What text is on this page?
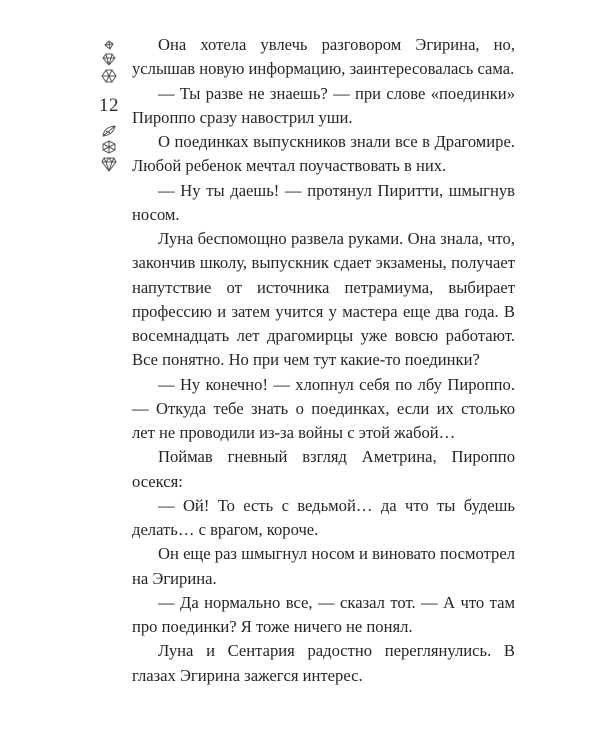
12

Она хотела увлечь разговором Эгирина, но, услышав новую информацию, заинтересовалась сама.

— Ты разве не знаешь? — при слове «поединки» Пироппо сразу навострил уши.

О поединках выпускников знали все в Драгомире. Любой ребенок мечтал поучаствовать в них.

— Ну ты даешь! — протянул Пиритти, шмыгнув носом.

Луна беспомощно развела руками. Она знала, что, закончив школу, выпускник сдает экзамены, получает напутствие от источника петрамиума, выбирает профессию и затем учится у мастера еще два года. В восемнадцать лет драгомирцы уже вовсю работают. Все понятно. Но при чем тут какие-то поединки?

— Ну конечно! — хлопнул себя по лбу Пироппо. — Откуда тебе знать о поединках, если их столько лет не проводили из-за войны с этой жабой…

Поймав гневный взгляд Аметрина, Пироппо осекся:

— Ой! То есть с ведьмой… да что ты будешь делать… с врагом, короче.

Он еще раз шмыгнул носом и виновато посмотрел на Эгирина.

— Да нормально все, — сказал тот. — А что там про поединки? Я тоже ничего не понял.

Луна и Сентария радостно переглянулись. В глазах Эгирина зажегся интерес.
